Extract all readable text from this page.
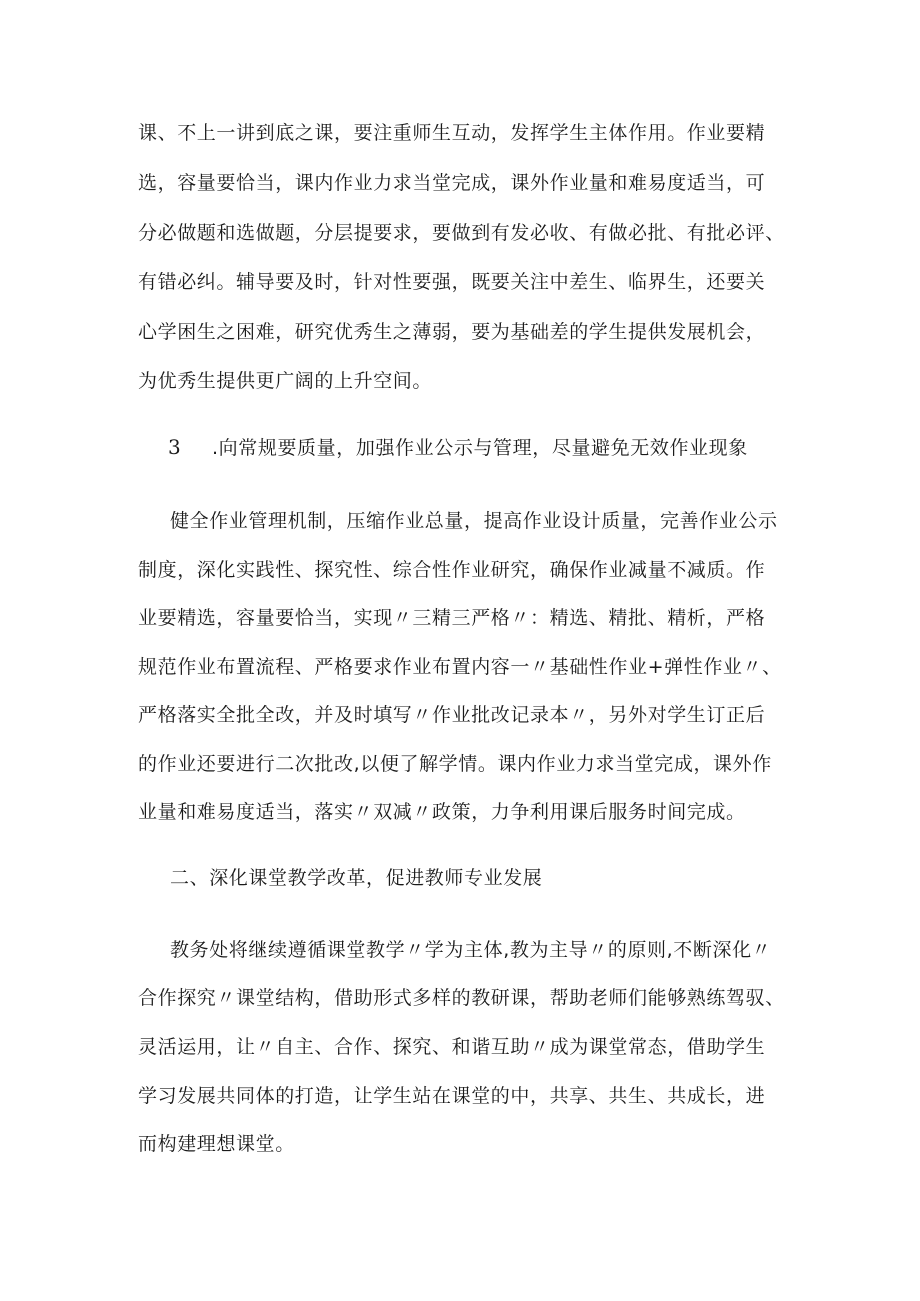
课、不上一讲到底之课，要注重师生互动，发挥学生主体作用。作业要精
选，容量要恰当，课内作业力求当堂完成，课外作业量和难易度适当，可
分必做题和选做题，分层提要求，要做到有发必收、有做必批、有批必评、
有错必纠。辅导要及时，针对性要强，既要关注中差生、临界生，还要关
心学困生之困难，研究优秀生之薄弱，要为基础差的学生提供发展机会，
为优秀生提供更广阔的上升空间。
3 .向常规要质量，加强作业公示与管理，尽量避免无效作业现象
健全作业管理机制，压缩作业总量，提高作业设计质量，完善作业公示
制度，深化实践性、探究性、综合性作业研究，确保作业减量不减质。作
业要精选，容量要恰当，实现〃三精三严格〃：精选、精批、精析，严格
规范作业布置流程、严格要求作业布置内容一〃基础性作业+弹性作业〃、
严格落实全批全改，并及时填写〃作业批改记录本〃，另外对学生订正后
的作业还要进行二次批改,以便了解学情。课内作业力求当堂完成，课外作
业量和难易度适当，落实〃双减〃政策，力争利用课后服务时间完成。
二、深化课堂教学改革，促进教师专业发展
教务处将继续遵循课堂教学〃学为主体,教为主导〃的原则,不断深化〃
合作探究〃课堂结构，借助形式多样的教研课，帮助老师们能够熟练驾驭、
灵活运用，让〃自主、合作、探究、和谐互助〃成为课堂常态，借助学生
学习发展共同体的打造，让学生站在课堂的中，共享、共生、共成长，进
而构建理想课堂。
